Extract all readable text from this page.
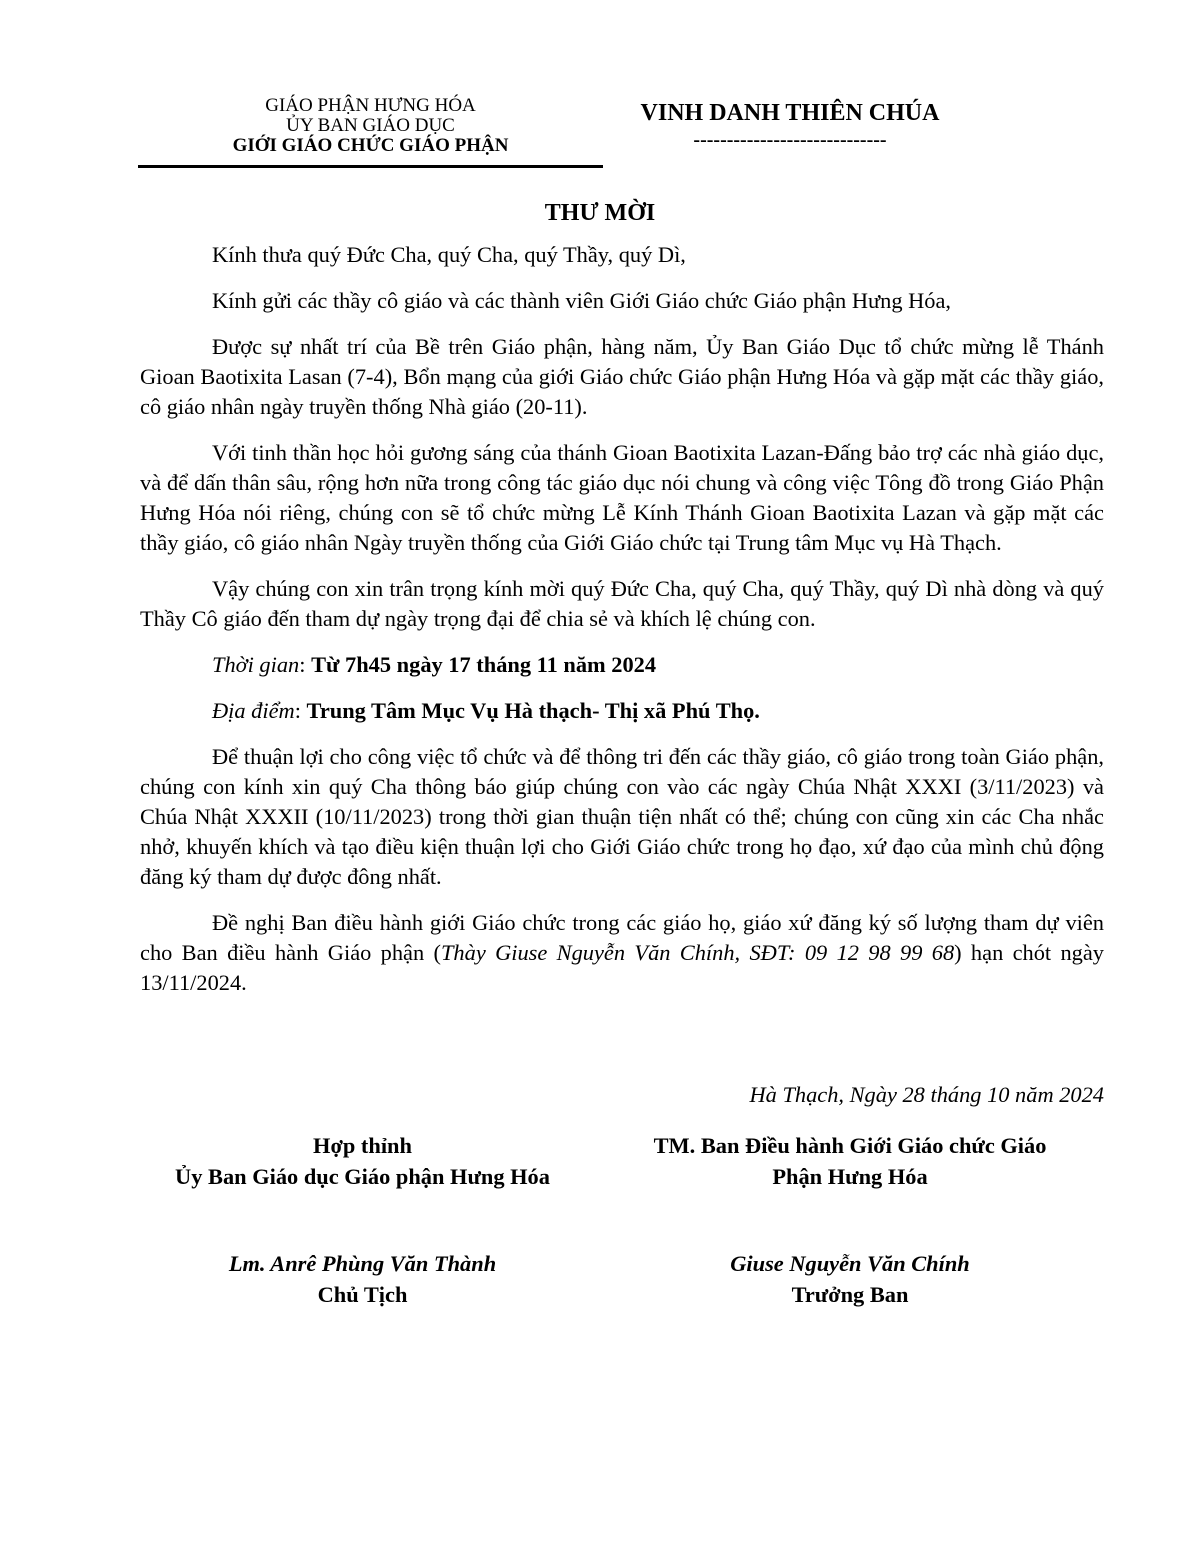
GIÁO PHẬN HƯNG HÓA
ỦY BAN GIÁO DỤC
GIỚI GIÁO CHỨC GIÁO PHẬN
VINH DANH THIÊN CHÚA
-----------------------------
THƯ MỜI

Kính thưa quý Đức Cha, quý Cha, quý Thầy, quý Dì,

Kính gửi các thầy cô giáo và các thành viên Giới Giáo chức Giáo phận Hưng Hóa,

Được sự nhất trí của Bề trên Giáo phận, hàng năm, Ủy Ban Giáo Dục tổ chức mừng lễ Thánh Gioan Baotixita Lasan (7-4), Bổn mạng của giới Giáo chức Giáo phận Hưng Hóa và gặp mặt các thầy giáo, cô giáo nhân ngày truyền thống Nhà giáo (20-11).

Với tinh thần học hỏi gương sáng của thánh Gioan Baotixita Lazan-Đấng bảo trợ các nhà giáo dục, và để dấn thân sâu, rộng hơn nữa trong công tác giáo dục nói chung và công việc Tông đồ trong Giáo Phận Hưng Hóa nói riêng, chúng con sẽ tổ chức mừng Lễ Kính Thánh Gioan Baotixita Lazan và gặp mặt các thầy giáo, cô giáo nhân Ngày truyền thống của Giới Giáo chức tại Trung tâm Mục vụ Hà Thạch.

Vậy chúng con xin trân trọng kính mời quý Đức Cha, quý Cha, quý Thầy, quý Dì nhà dòng và quý Thầy Cô giáo đến tham dự ngày trọng đại để chia sẻ và khích lệ chúng con.

Thời gian: Từ 7h45 ngày 17 tháng 11 năm 2024

Địa điểm: Trung Tâm Mục Vụ Hà thạch- Thị xã Phú Thọ.

Để thuận lợi cho công việc tổ chức và để thông tri đến các thầy giáo, cô giáo trong toàn Giáo phận, chúng con kính xin quý Cha thông báo giúp chúng con vào các ngày Chúa Nhật XXXI (3/11/2023) và Chúa Nhật XXXII (10/11/2023) trong thời gian thuận tiện nhất có thể; chúng con cũng xin các Cha nhắc nhở, khuyến khích và tạo điều kiện thuận lợi cho Giới Giáo chức trong họ đạo, xứ đạo của mình chủ động đăng ký tham dự được đông nhất.

Đề nghị Ban điều hành giới Giáo chức trong các giáo họ, giáo xứ đăng ký số lượng tham dự viên cho Ban điều hành Giáo phận (Thày Giuse Nguyễn Văn Chính, SĐT: 09 12 98 99 68) hạn chót ngày 13/11/2024.

Hà Thạch, Ngày 28 tháng 10 năm 2024
Hợp thỉnh
Ủy Ban Giáo dục Giáo phận Hưng Hóa
TM. Ban Điều hành Giới Giáo chức Giáo
Phận Hưng Hóa
Lm. Anrê Phùng Văn Thành
Chủ Tịch
Giuse Nguyễn Văn Chính
Trưởng Ban
